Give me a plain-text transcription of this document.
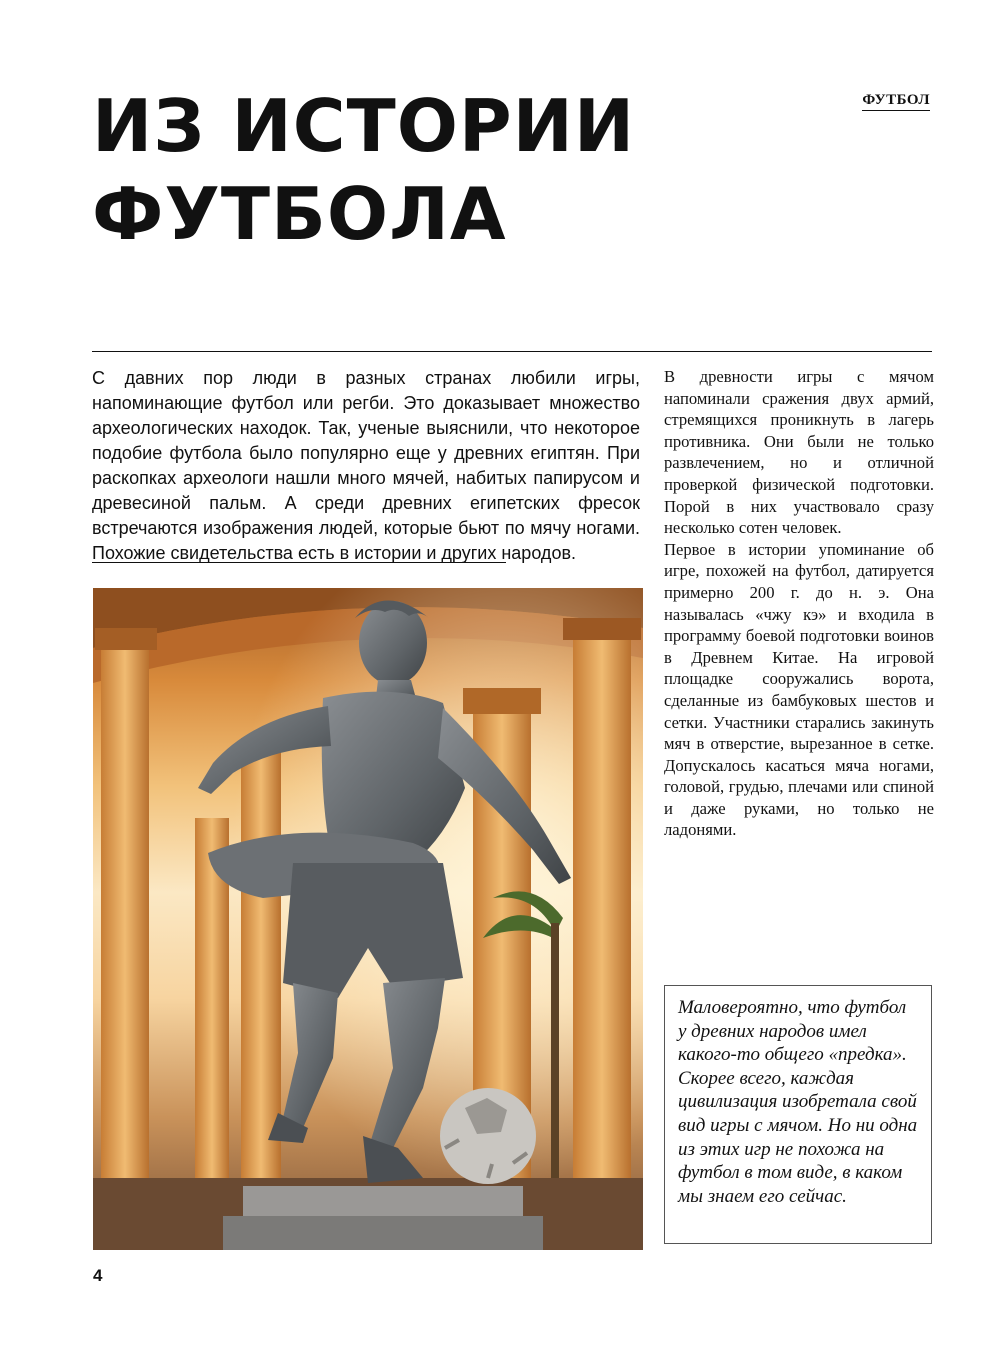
ИЗ ИСТОРИИ
ФУТБОЛА
ФУТБОЛ

С давних пор люди в разных странах любили игры, напоминающие футбол или регби. Это доказывает множество археологических находок. Так, ученые выяснили, что некоторое подобие футбола было популярно еще у древних египтян. При раскопках археологи нашли много мячей, набитых папирусом и древесиной пальм. А среди древних египетских фресок встречаются изображения людей, которые бьют по мячу ногами. Похожие свидетельства есть в истории и других народов.

В древности игры с мячом напоминали сражения двух армий, стремящихся проникнуть в лагерь противника. Они были не только развлечением, но и отличной проверкой физической подготовки. Порой в них участвовало сразу несколько сотен человек.

Первое в истории упоминание об игре, похожей на футбол, датируется примерно 200 г. до н. э. Она называлась «чжу кэ» и входила в программу боевой подготовки воинов в Древнем Китае. На игровой площадке сооружались ворота, сделанные из бамбуковых шестов и сетки. Участники старались закинуть мяч в отверстие, вырезанное в сетке. Допускалось касаться мяча ногами, головой, грудью, плечами или спиной и даже руками, но только не ладонями.

Маловероятно, что футбол у древних народов имел какого-то общего «предка». Скорее всего, каждая цивилизация изобретала свой вид игры с мячом. Но ни одна из этих игр не похожа на футбол в том виде, в каком мы знаем его сейчас.

4
